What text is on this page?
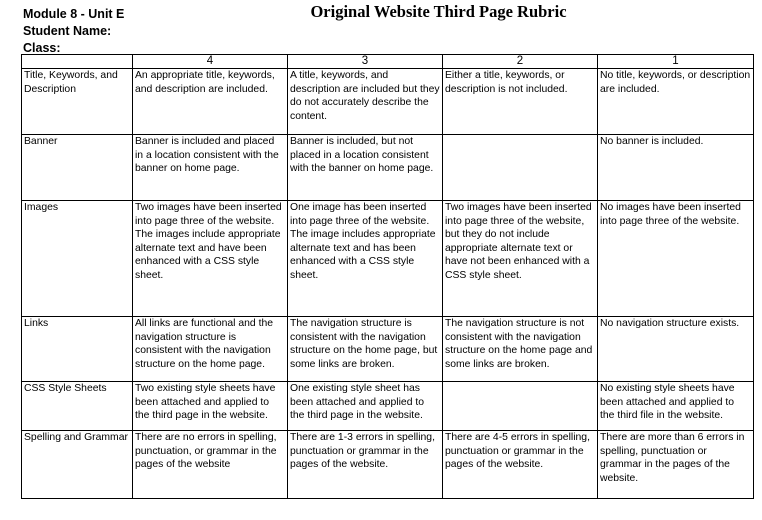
Module 8 - Unit E
Student Name:
Class:
Original Website Third Page Rubric
	4	3	2	1
Title, Keywords, and Description	An appropriate title, keywords, and description are included.	A title, keywords, and description are included but they do not accurately describe the content.	Either a title, keywords, or description is not included.	No title, keywords, or description are included.
Banner	Banner is included and placed in a location consistent with the banner on home page.	Banner is included, but not placed in a location consistent with the banner on home page.		No banner is included.
Images	Two images have been inserted into page three of the website. The images include appropriate alternate text and have been enhanced with a CSS style sheet.	One image has been inserted into page three of the website. The image includes appropriate alternate text and has been enhanced with a CSS style sheet.	Two images have been inserted into page three of the website, but they do not include appropriate alternate text or have not been enhanced with a CSS style sheet.	No images have been inserted into page three of the website.
Links	All links are functional and the navigation structure is consistent with the navigation structure on the home page.	The navigation structure is consistent with the navigation structure on the home page, but some links are broken.	The navigation structure is not consistent with the navigation structure on the home page and some links are broken.	No navigation structure exists.
CSS Style Sheets	Two existing style sheets have been attached and applied to the third page in the website.	One existing style sheet has been attached and applied to the third page in the website.		No existing style sheets have been attached and applied to the third file in the website.
Spelling and Grammar	There are no errors in spelling, punctuation, or grammar in the pages of the website	There are 1-3 errors in spelling, punctuation or grammar in the pages of the website.	There are 4-5 errors in spelling, punctuation or grammar in the pages of the website.	There are more than 6 errors in spelling, punctuation or grammar in the pages of the website.
